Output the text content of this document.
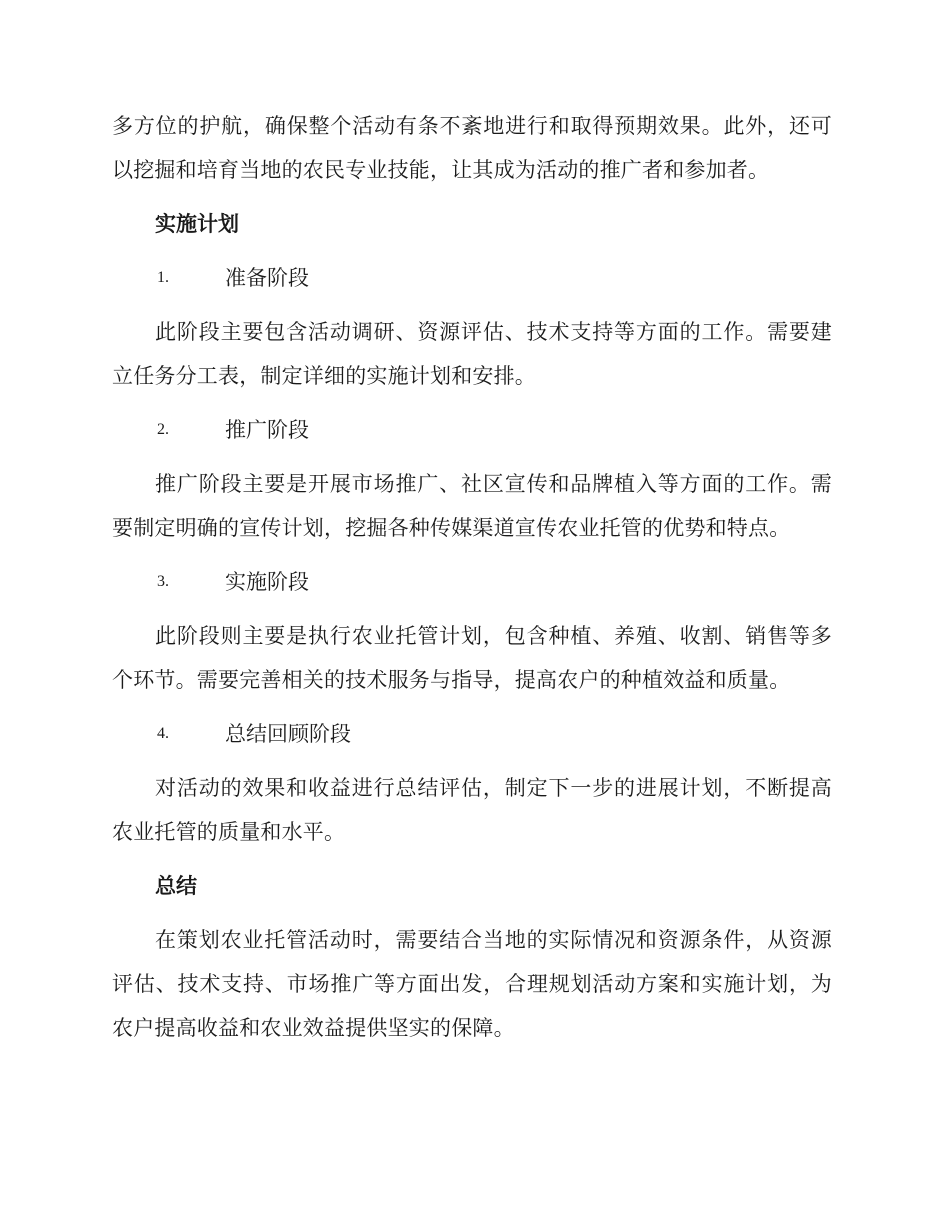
多方位的护航，确保整个活动有条不紊地进行和取得预期效果。此外，还可以挖掘和培育当地的农民专业技能，让其成为活动的推广者和参加者。

实施计划
1.	准备阶段

此阶段主要包含活动调研、资源评估、技术支持等方面的工作。需要建立任务分工表，制定详细的实施计划和安排。

2.	推广阶段

推广阶段主要是开展市场推广、社区宣传和品牌植入等方面的工作。需要制定明确的宣传计划，挖掘各种传媒渠道宣传农业托管的优势和特点。

3.	实施阶段

此阶段则主要是执行农业托管计划，包含种植、养殖、收割、销售等多个环节。需要完善相关的技术服务与指导，提高农户的种植效益和质量。

4.	总结回顾阶段

对活动的效果和收益进行总结评估，制定下一步的进展计划，不断提高农业托管的质量和水平。

总结

在策划农业托管活动时，需要结合当地的实际情况和资源条件，从资源评估、技术支持、市场推广等方面出发，合理规划活动方案和实施计划，为农户提高收益和农业效益提供坚实的保障。
